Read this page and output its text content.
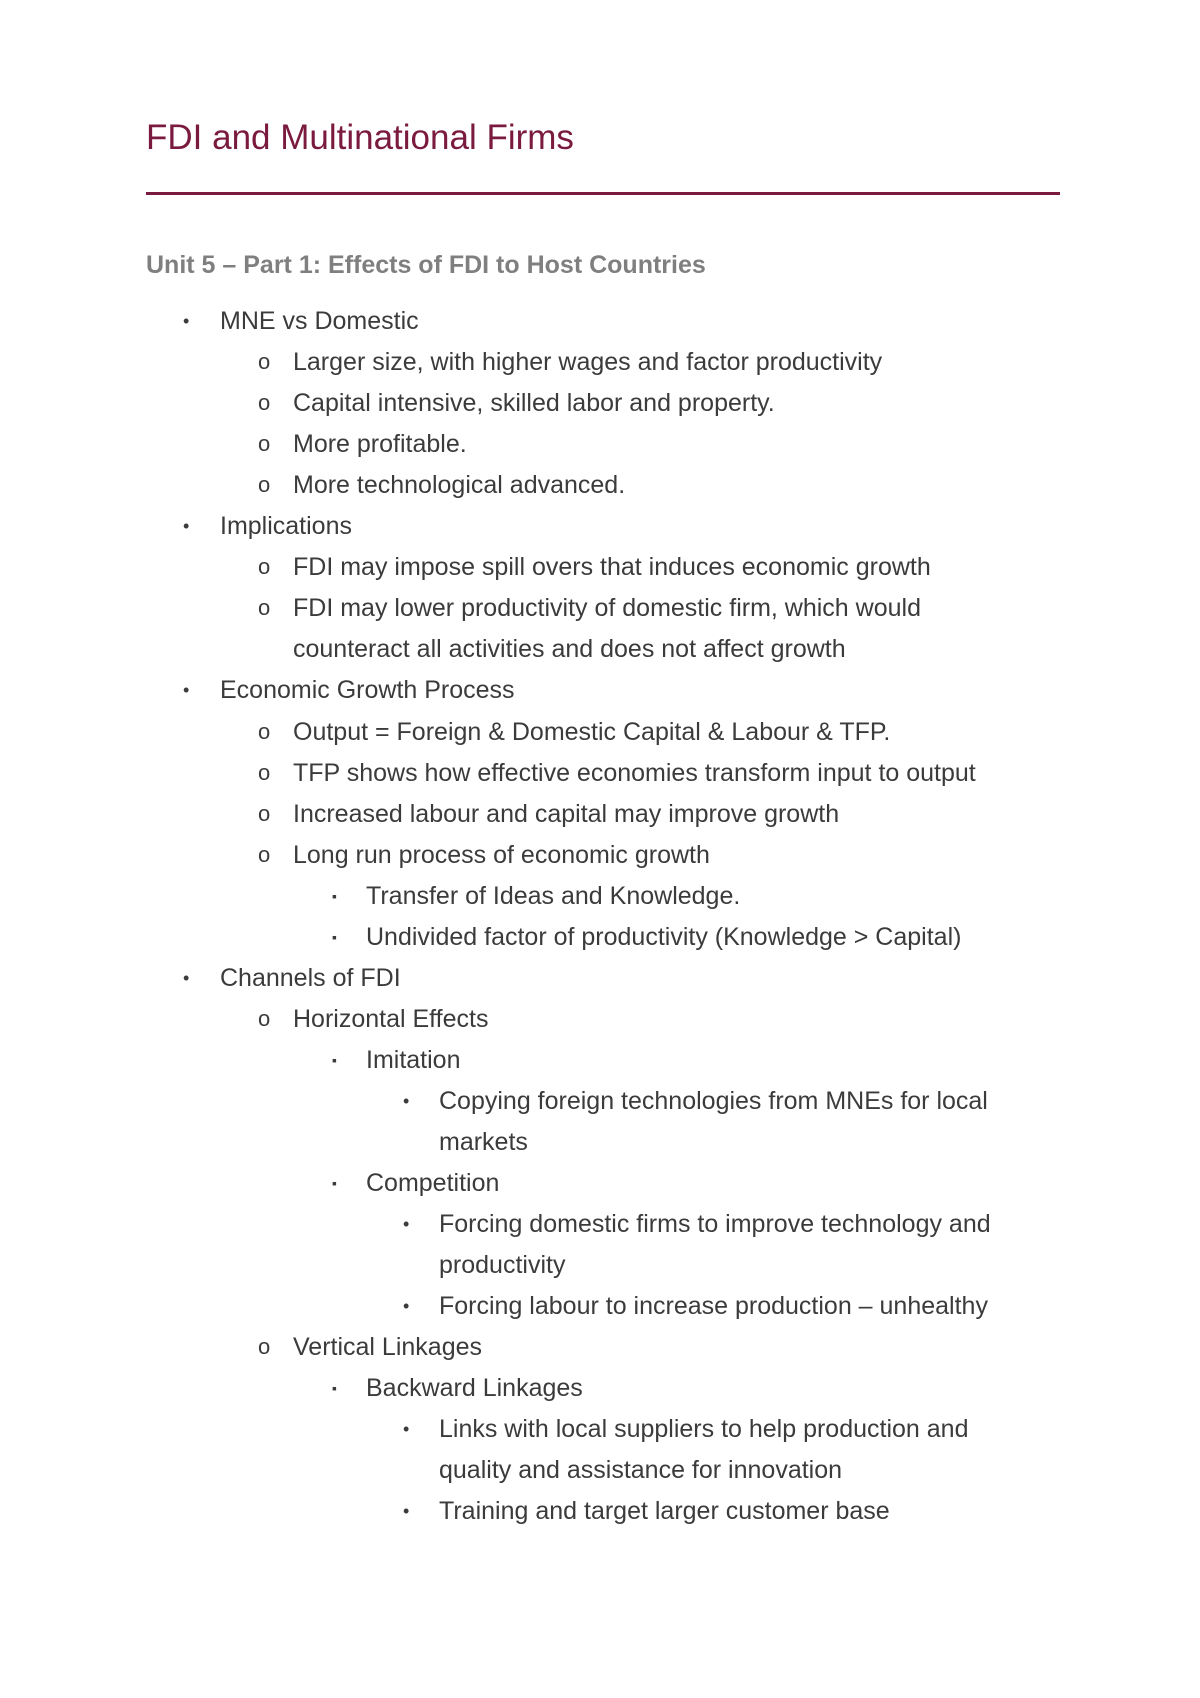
FDI and Multinational Firms
Unit 5 – Part 1: Effects of FDI to Host Countries
• MNE vs Domestic
o Larger size, with higher wages and factor productivity
o Capital intensive, skilled labor and property.
o More profitable.
o More technological advanced.
• Implications
o FDI may impose spill overs that induces economic growth
o FDI may lower productivity of domestic firm, which would
counteract all activities and does not affect growth
• Economic Growth Process
o Output = Foreign & Domestic Capital & Labour & TFP.
o TFP shows how effective economies transform input to output
o Increased labour and capital may improve growth
o Long run process of economic growth
▪ Transfer of Ideas and Knowledge.
▪ Undivided factor of productivity (Knowledge > Capital)
• Channels of FDI
o Horizontal Effects
▪ Imitation
• Copying foreign technologies from MNEs for local
markets
▪ Competition
• Forcing domestic firms to improve technology and
productivity
• Forcing labour to increase production – unhealthy
o Vertical Linkages
▪ Backward Linkages
• Links with local suppliers to help production and
quality and assistance for innovation
• Training and target larger customer base
